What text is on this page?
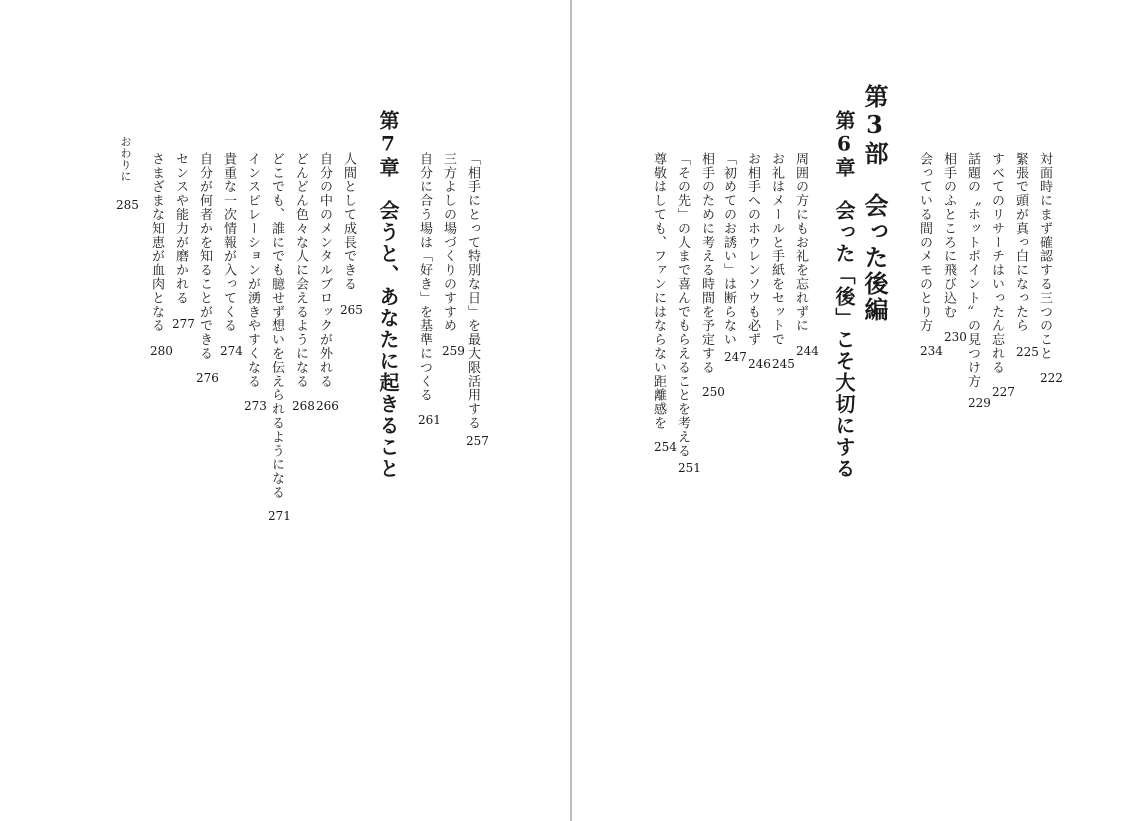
第3部　会った後編
第6章　会った「後」こそ大切にする	対面時にまず確認する三つのこと
222
緊張で頭が真っ白になったら
225
すべてのリサーチはいったん忘れる
227
話題の〝ホットポイント〟の見つけ方
229
相手のふところに飛び込む
230
会っている間のメモのとり方
234
周囲の方にもお礼を忘れずに
244
お礼はメールと手紙をセットで
245
お相手へのホウレンソウも必ず
246
「初めてのお誘い」は断らない
247
相手のために考える時間を予定する
250
「その先」の人まで喜んでもらえることを考える
251
尊敬はしても、ファンにはならない距離感を
254
第7章　会うと、あなたに起きること	「相手にとって特別な日」を最大限活用する
257
三方よしの場づくりのすすめ
259
自分に合う場は「好き」を基準につくる
261
人間として成長できる
265
自分の中のメンタルブロックが外れる
266
どんどん色々な人に会えるようになる
268
どこでも、誰にでも臆せず想いを伝えられるようになる
271
インスピレーションが湧きやすくなる
273
貴重な一次情報が入ってくる
274
自分が何者かを知ることができる
276
センスや能力が磨かれる
277
さまざまな知恵が血肉となる
280
おわりに
285
